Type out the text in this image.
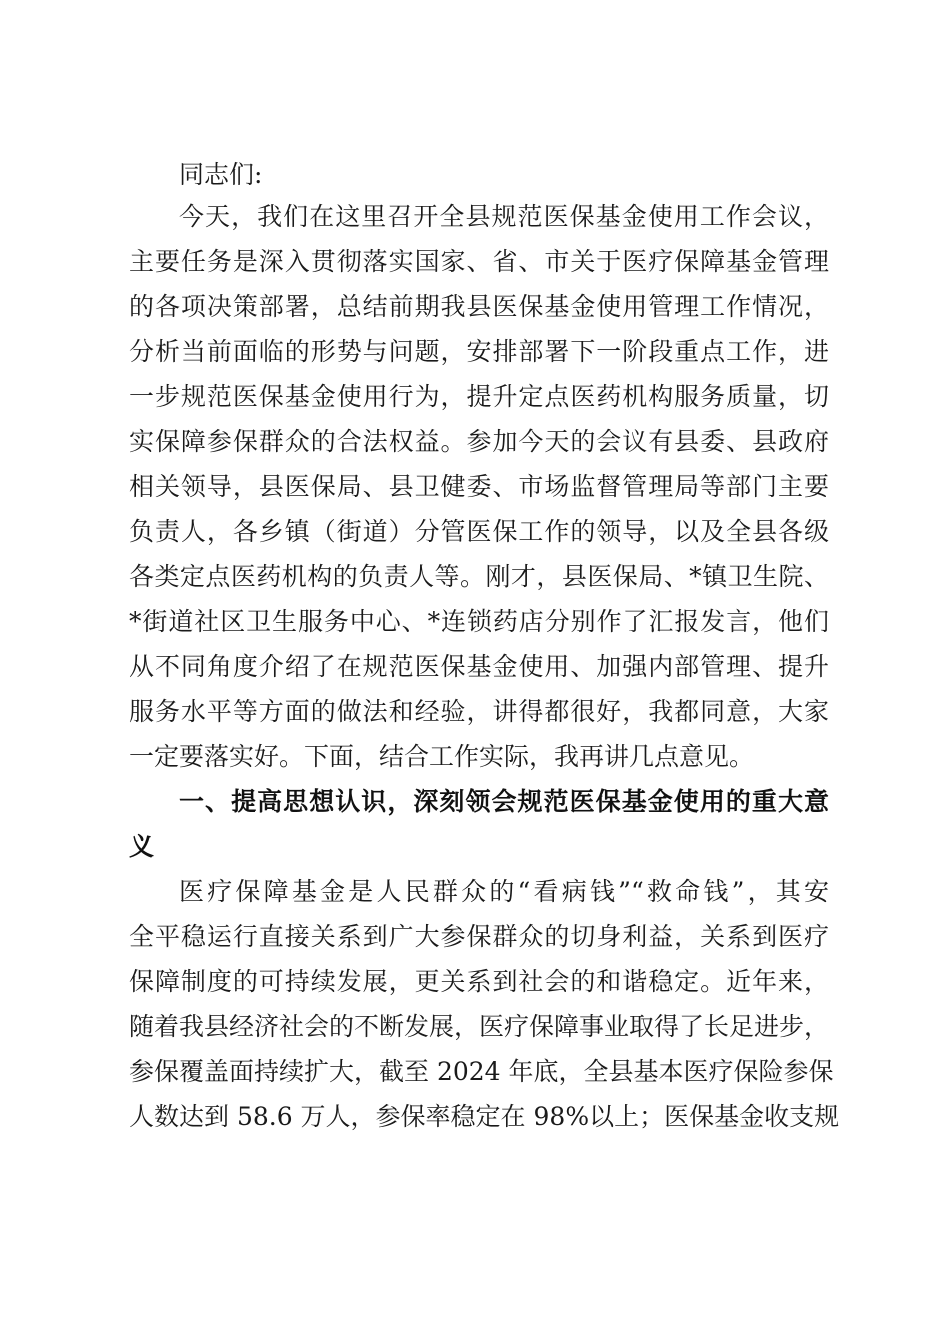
同志们:
今天，我们在这里召开全县规范医保基金使用工作会议，
主要任务是深入贯彻落实国家、省、市关于医疗保障基金管理
的各项决策部署，总结前期我县医保基金使用管理工作情况，
分析当前面临的形势与问题，安排部署下一阶段重点工作，进
一步规范医保基金使用行为，提升定点医药机构服务质量，切
实保障参保群众的合法权益。参加今天的会议有县委、县政府
相关领导，县医保局、县卫健委、市场监督管理局等部门主要
负责人，各乡镇（街道）分管医保工作的领导，以及全县各级
各类定点医药机构的负责人等。刚才，县医保局、*镇卫生院、
*街道社区卫生服务中心、*连锁药店分别作了汇报发言，他们
从不同角度介绍了在规范医保基金使用、加强内部管理、提升
服务水平等方面的做法和经验，讲得都很好，我都同意，大家
一定要落实好。下面，结合工作实际，我再讲几点意见。
一、提高思想认识，深刻领会规范医保基金使用的重大意
义
医疗保障基金是人民群众的“看病钱”“救命钱”，其安
全平稳运行直接关系到广大参保群众的切身利益，关系到医疗
保障制度的可持续发展，更关系到社会的和谐稳定。近年来，
随着我县经济社会的不断发展，医疗保障事业取得了长足进步，
参保覆盖面持续扩大，截至 2024 年底，全县基本医疗保险参保
人数达到 58.6 万人，参保率稳定在 98%以上；医保基金收支规
